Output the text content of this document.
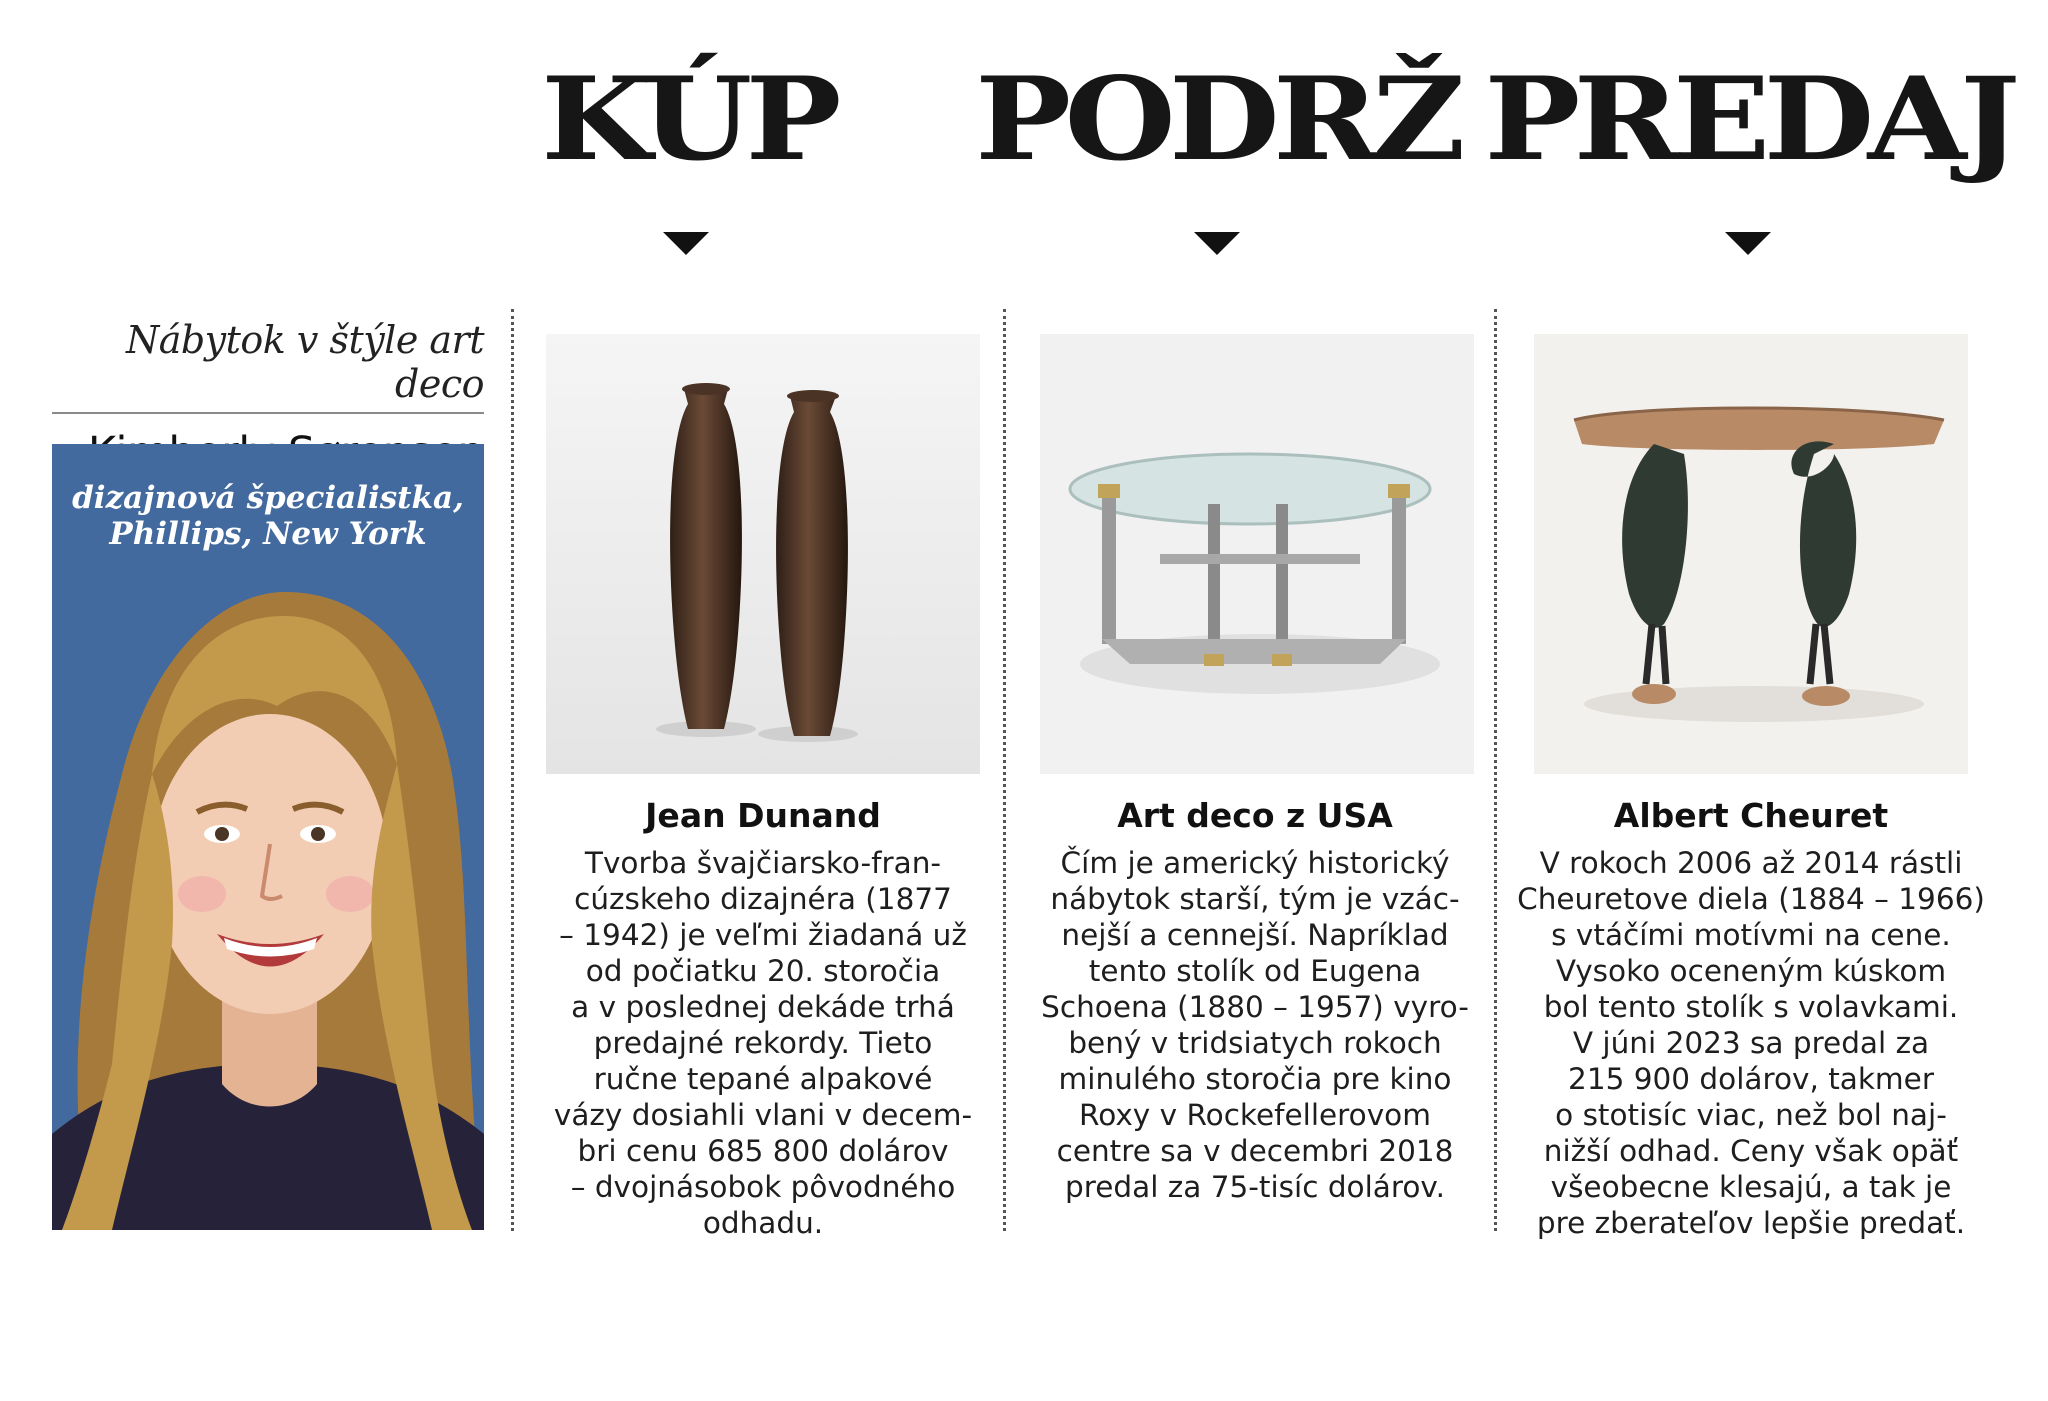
KÚP	PODRŽ PREDAJ
Nábytok v štýle art deco
dizajnová špecialistka,
Phillips, New York
Jean Dunand
Tvorba švajčiarsko-fran-
cúzskeho dizajnéra (1877
– 1942) je veľmi žiadaná už
od počiatku 20. storočia
a v poslednej dekáde trhá
predajné rekordy. Tieto
ručne tepané alpakové
vázy dosiahli vlani v decem-
bri cenu 685 800 dolárov
– dvojnásobok pôvodného
odhadu.
Art deco z USA
Čím je americký historický
nábytok starší, tým je vzác-
nejší a cennejší. Napríklad
tento stolík od Eugena
Schoena (1880 – 1957) vyro-
bený v tridsiatych rokoch
minulého storočia pre kino
Roxy v Rockefellerovom
centre sa v decembri 2018
predal za 75-tisíc dolárov.
Albert Cheuret
V rokoch 2006 až 2014 rástli
Cheuretove diela (1884 – 1966)
s vtáčími motívmi na cene.
Vysoko oceneným kúskom
bol tento stolík s volavkami.
V júni 2023 sa predal za
215 900 dolárov, takmer
o stotisíc viac, než bol naj-
nižší odhad. Ceny však opäť
všeobecne klesajú, a tak je
pre zberateľov lepšie predať.
